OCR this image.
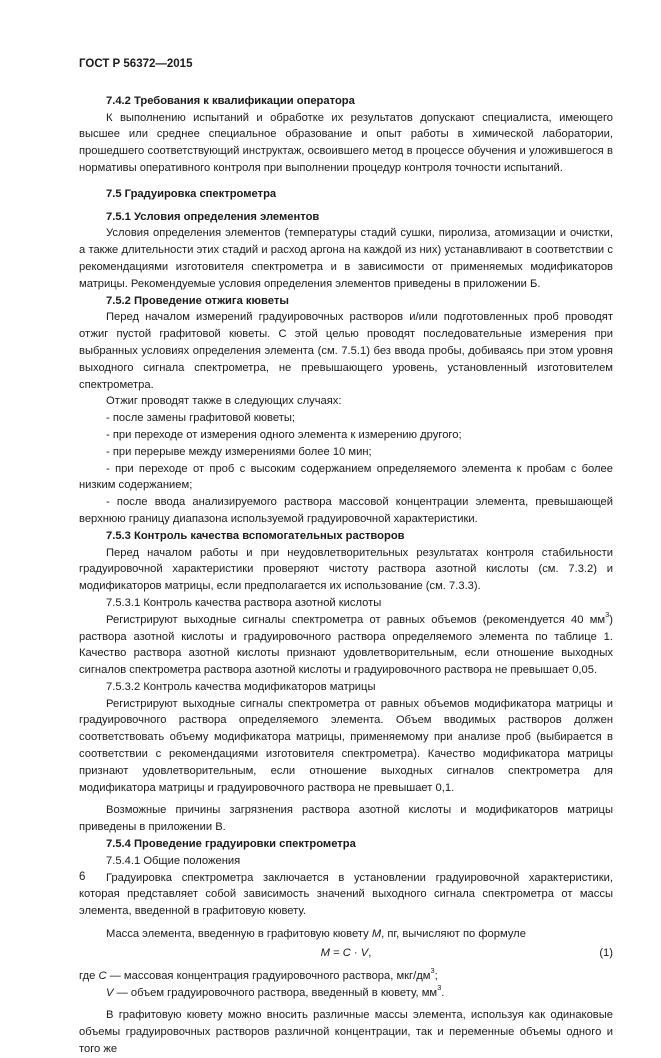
ГОСТ Р 56372—2015

7.4.2 Требования к квалификации оператора

К выполнению испытаний и обработке их результатов допускают специалиста, имеющего высшее или среднее специальное образование и опыт работы в химической лаборатории, прошедшего соответствующий инструктаж, освоившего метод в процессе обучения и уложившегося в нормативы оперативного контроля при выполнении процедур контроля точности испытаний.

7.5 Градуировка спектрометра

7.5.1 Условия определения элементов

Условия определения элементов (температуры стадий сушки, пиролиза, атомизации и очистки, а также длительности этих стадий и расход аргона на каждой из них) устанавливают в соответствии с рекомендациями изготовителя спектрометра и в зависимости от применяемых модификаторов матрицы. Рекомендуемые условия определения элементов приведены в приложении Б.

7.5.2 Проведение отжига кюветы

Перед началом измерений градуировочных растворов и/или подготовленных проб проводят отжиг пустой графитовой кюветы. С этой целью проводят последовательные измерения при выбранных условиях определения элемента (см. 7.5.1) без ввода пробы, добиваясь при этом уровня выходного сигнала спектрометра, не превышающего уровень, установленный изготовителем спектрометра.

Отжиг проводят также в следующих случаях:

- после замены графитовой кюветы;

- при переходе от измерения одного элемента к измерению другого;

- при перерыве между измерениями более 10 мин;

- при переходе от проб с высоким содержанием определяемого элемента к пробам с более низким содержанием;

- после ввода анализируемого раствора массовой концентрации элемента, превышающей верхнюю границу диапазона используемой градуировочной характеристики.

7.5.3 Контроль качества вспомогательных растворов

Перед началом работы и при неудовлетворительных результатах контроля стабильности градуировочной характеристики проверяют чистоту раствора азотной кислоты (см. 7.3.2) и модификаторов матрицы, если предполагается их использование (см. 7.3.3).

7.5.3.1 Контроль качества раствора азотной кислоты

Регистрируют выходные сигналы спектрометра от равных объемов (рекомендуется 40 $мм^3$) раствора азотной кислоты и градуировочного раствора определяемого элемента по таблице 1. Качество раствора азотной кислоты признают удовлетворительным, если отношение выходных сигналов спектрометра раствора азотной кислоты и градуировочного раствора не превышает 0,05.

7.5.3.2 Контроль качества модификаторов матрицы

Регистрируют выходные сигналы спектрометра от равных объемов модификатора матрицы и градуировочного раствора определяемого элемента. Объем вводимых растворов должен соответствовать объему модификатора матрицы, применяемому при анализе проб (выбирается в соответствии с рекомендациями изготовителя спектрометра). Качество модификатора матрицы признают удовлетворительным, если отношение выходных сигналов спектрометра для модификатора матрицы и градуировочного раствора не превышает 0,1.

Возможные причины загрязнения раствора азотной кислоты и модификаторов матрицы приведены в приложении В.

7.5.4 Проведение градуировки спектрометра

7.5.4.1 Общие положения

Градуировка спектрометра заключается в установлении градуировочной характеристики, которая представляет собой зависимость значений выходного сигнала спектрометра от массы элемента, введенной в графитовую кювету.

Масса элемента, введенную в графитовую кювету M, пг, вычисляют по формуле

M = C · V,	(1)

где C — массовая концентрация градуировочного раствора, мкг/$дм^3$;

V — объем градуировочного раствора, введенный в кювету, $мм^3$.

В графитовую кювету можно вносить различные массы элемента, используя как одинаковые объемы градуировочных растворов различной концентрации, так и переменные объемы одного и того же

6
